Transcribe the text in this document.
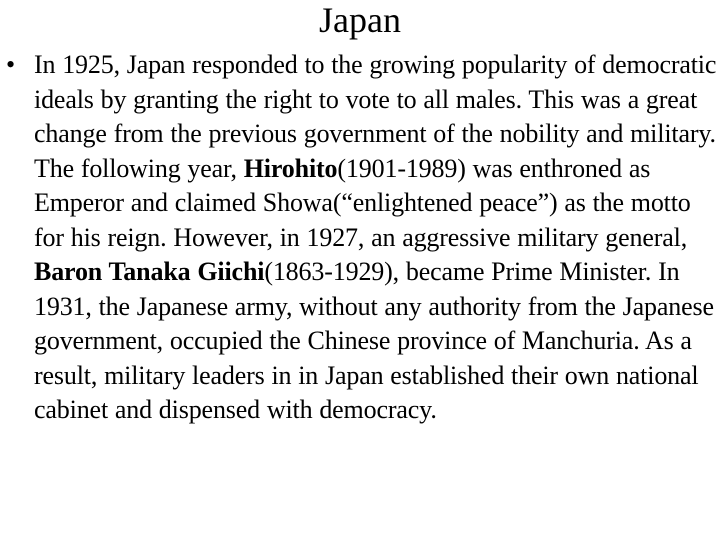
Japan
• In 1925, Japan responded to the growing popularity of democratic ideals by granting the right to vote to all males. This was a great change from the previous government of the nobility and military. The following year, Hirohito(1901-1989) was enthroned as Emperor and claimed Showa(“enlightened peace”) as the motto for his reign. However, in 1927, an aggressive military general, Baron Tanaka Giichi(1863-1929), became Prime Minister. In 1931, the Japanese army, without any authority from the Japanese government, occupied the Chinese province of Manchuria. As a result, military leaders in in Japan established their own national cabinet and dispensed with democracy.
